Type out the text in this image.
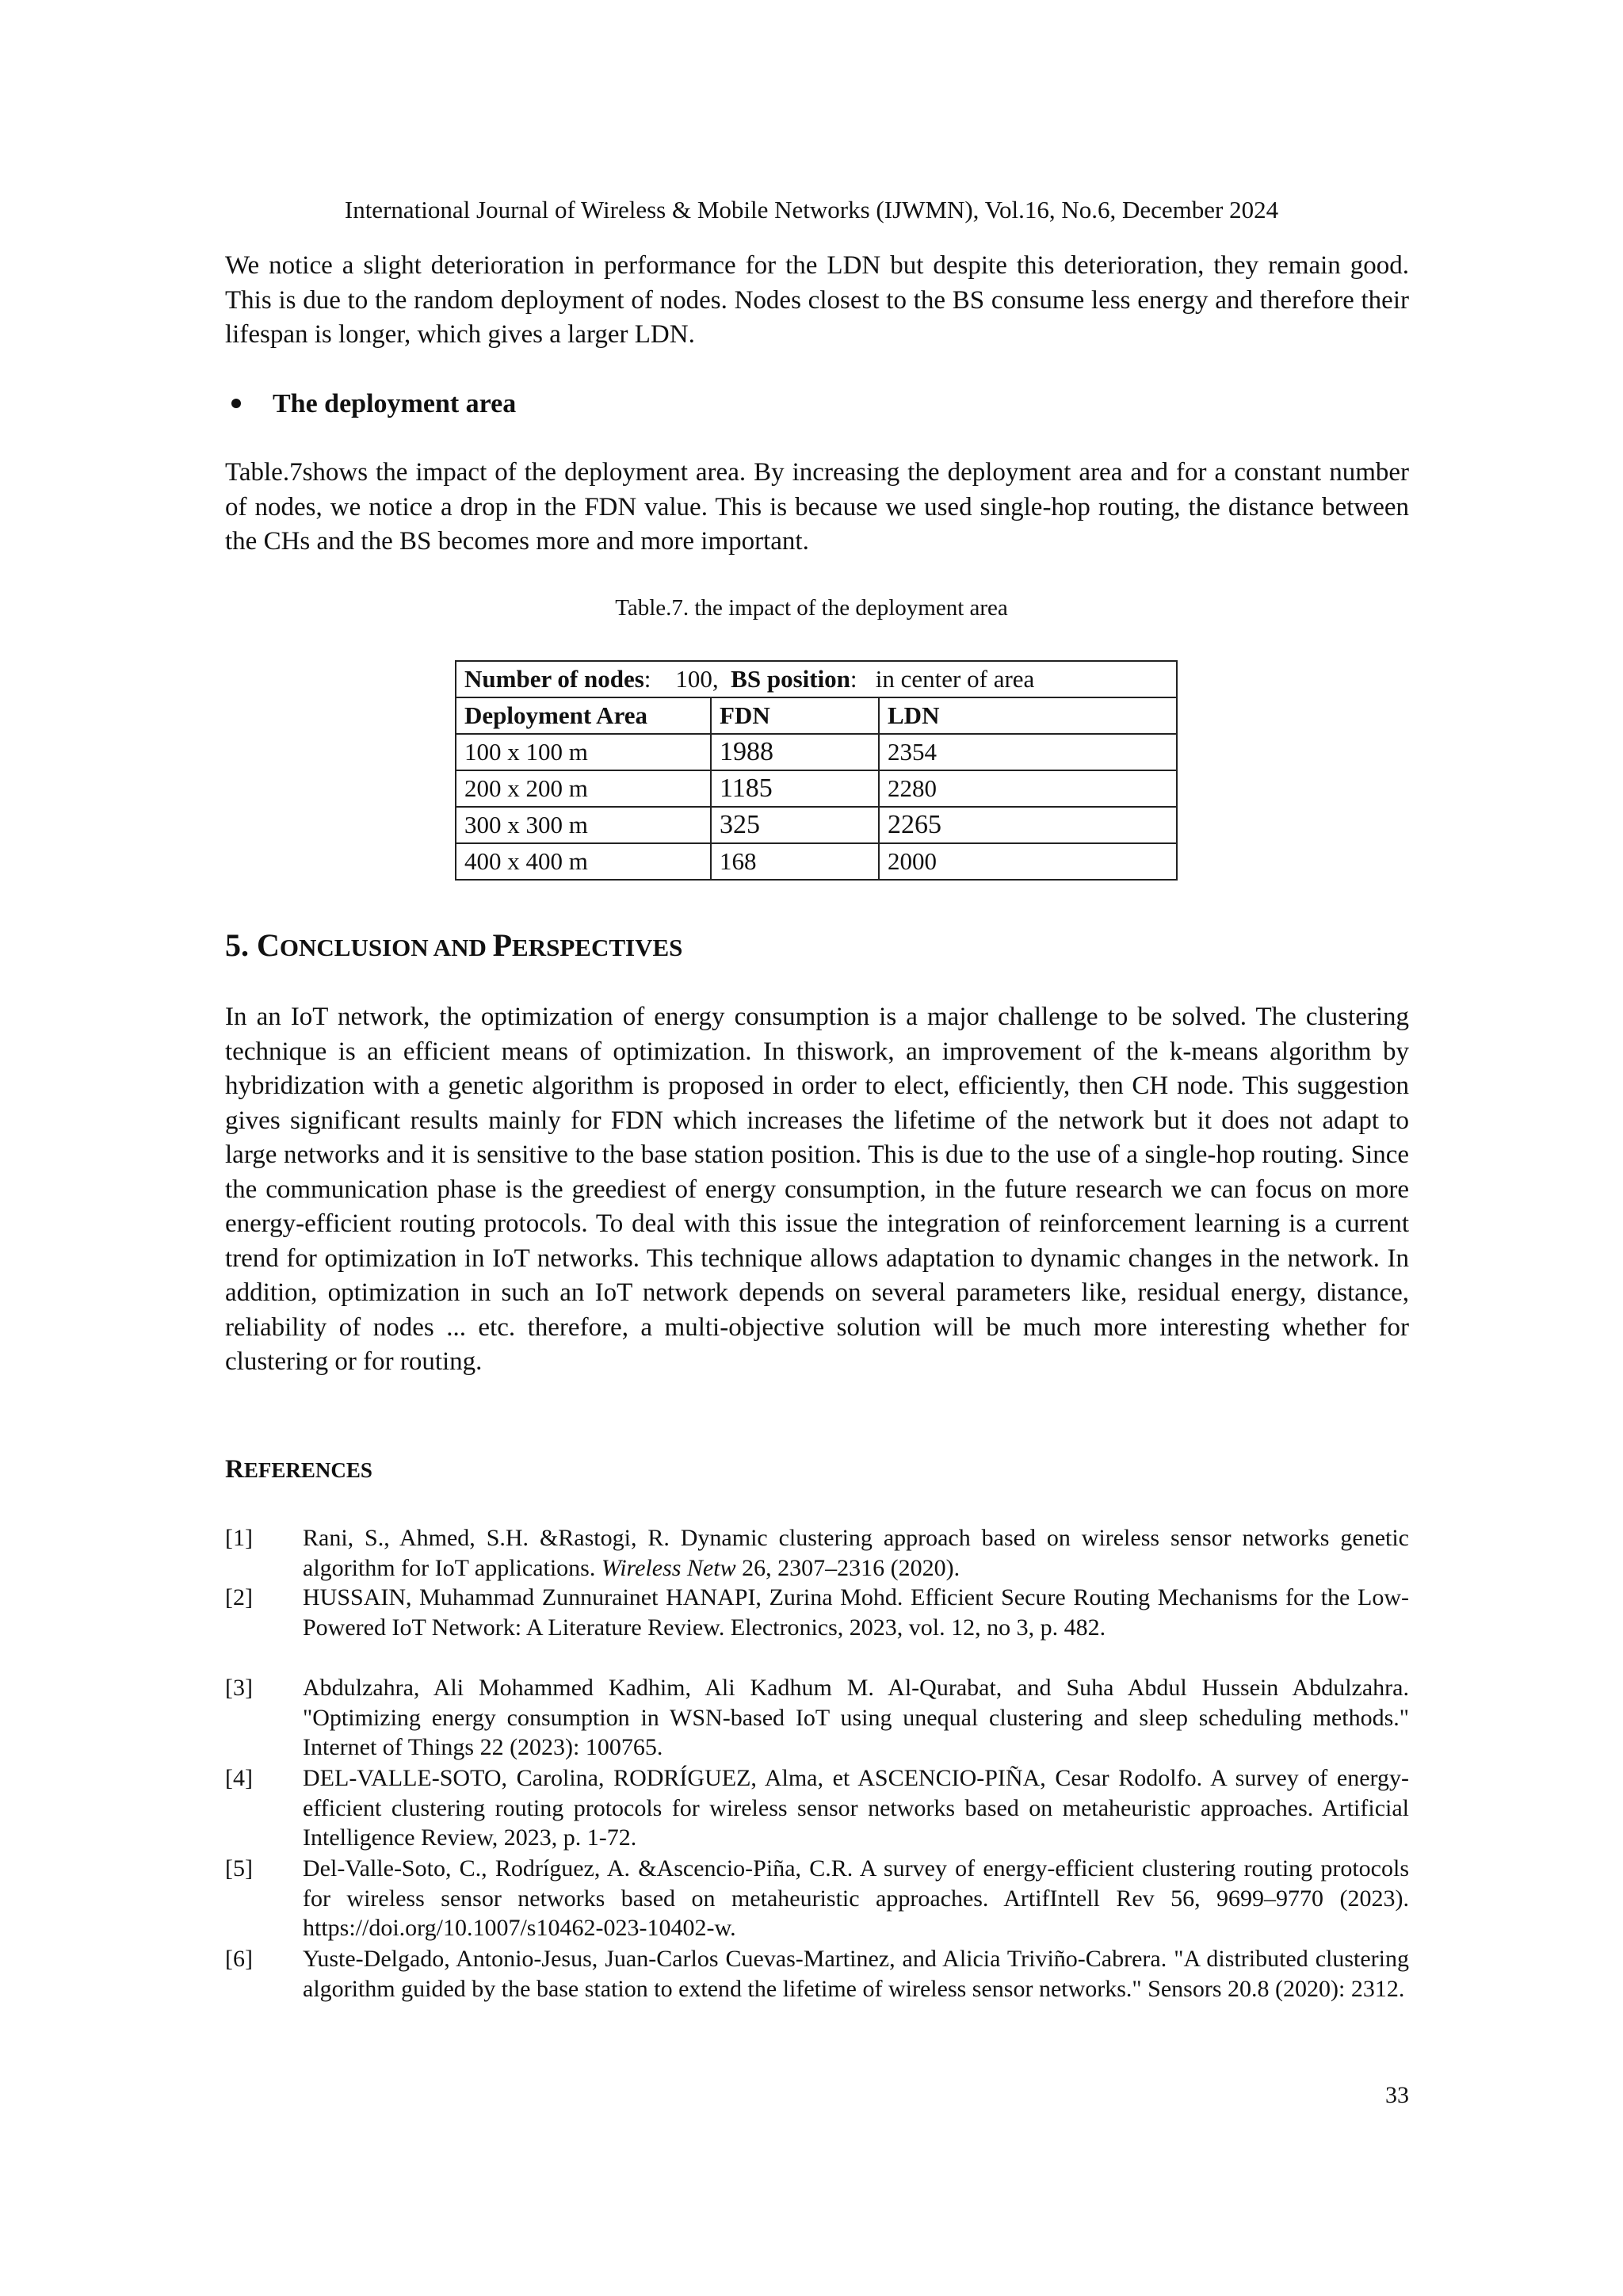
International Journal of Wireless & Mobile Networks (IJWMN), Vol.16, No.6, December 2024

We notice a slight deterioration in performance for the LDN but despite this deterioration, they remain good. This is due to the random deployment of nodes. Nodes closest to the BS consume less energy and therefore their lifespan is longer, which gives a larger LDN.

The deployment area

Table.7shows the impact of the deployment area. By increasing the deployment area and for a constant number of nodes, we notice a drop in the FDN value. This is because we used single-hop routing, the distance between the CHs and the BS becomes more and more important.

Table.7. the impact of the deployment area
Number of nodes:    100, BS position:   in center of area		
Deployment Area	FDN	LDN
100 x 100 m	1988	2354
200 x 200 m	1185	2280
300 x 300 m	325	2265
400 x 400 m	168	2000
5. CONCLUSION AND PERSPECTIVES

In an IoT network, the optimization of energy consumption is a major challenge to be solved. The clustering technique is an efficient means of optimization. In thiswork, an improvement of the k-means algorithm by hybridization with a genetic algorithm is proposed in order to elect, efficiently, then CH node. This suggestion gives significant results mainly for FDN which increases the lifetime of the network but it does not adapt to large networks and it is sensitive to the base station position. This is due to the use of a single-hop routing. Since the communication phase is the greediest of energy consumption, in the future research we can focus on more energy-efficient routing protocols. To deal with this issue the integration of reinforcement learning is a current trend for optimization in IoT networks. This technique allows adaptation to dynamic changes in the network. In addition, optimization in such an IoT network depends on several parameters like, residual energy, distance, reliability of nodes ... etc. therefore, a multi-objective solution will be much more interesting whether for clustering or for routing.

REFERENCES
[1]	Rani, S., Ahmed, S.H. &Rastogi, R. Dynamic clustering approach based on wireless sensor networks genetic algorithm for IoT applications. Wireless Netw 26, 2307–2316 (2020).
[2]	HUSSAIN, Muhammad Zunnurainet HANAPI, Zurina Mohd. Efficient Secure Routing Mechanisms for the Low-Powered IoT Network: A Literature Review. Electronics, 2023, vol. 12, no 3, p. 482.
[3]	Abdulzahra, Ali Mohammed Kadhim, Ali Kadhum M. Al-Qurabat, and Suha Abdul Hussein Abdulzahra. "Optimizing energy consumption in WSN-based IoT using unequal clustering and sleep scheduling methods." Internet of Things 22 (2023): 100765.
[4]	DEL-VALLE-SOTO, Carolina, RODRÍGUEZ, Alma, et ASCENCIO-PIÑA, Cesar Rodolfo. A survey of energy-efficient clustering routing protocols for wireless sensor networks based on metaheuristic approaches. Artificial Intelligence Review, 2023, p. 1-72.
[5]	Del-Valle-Soto, C., Rodríguez, A. &Ascencio-Piña, C.R. A survey of energy-efficient clustering routing protocols for wireless sensor networks based on metaheuristic approaches. ArtifIntell Rev 56, 9699–9770 (2023). https://doi.org/10.1007/s10462-023-10402-w.
[6]	Yuste-Delgado, Antonio-Jesus, Juan-Carlos Cuevas-Martinez, and Alicia Triviño-Cabrera. "A distributed clustering algorithm guided by the base station to extend the lifetime of wireless sensor networks." Sensors 20.8 (2020): 2312.
33
